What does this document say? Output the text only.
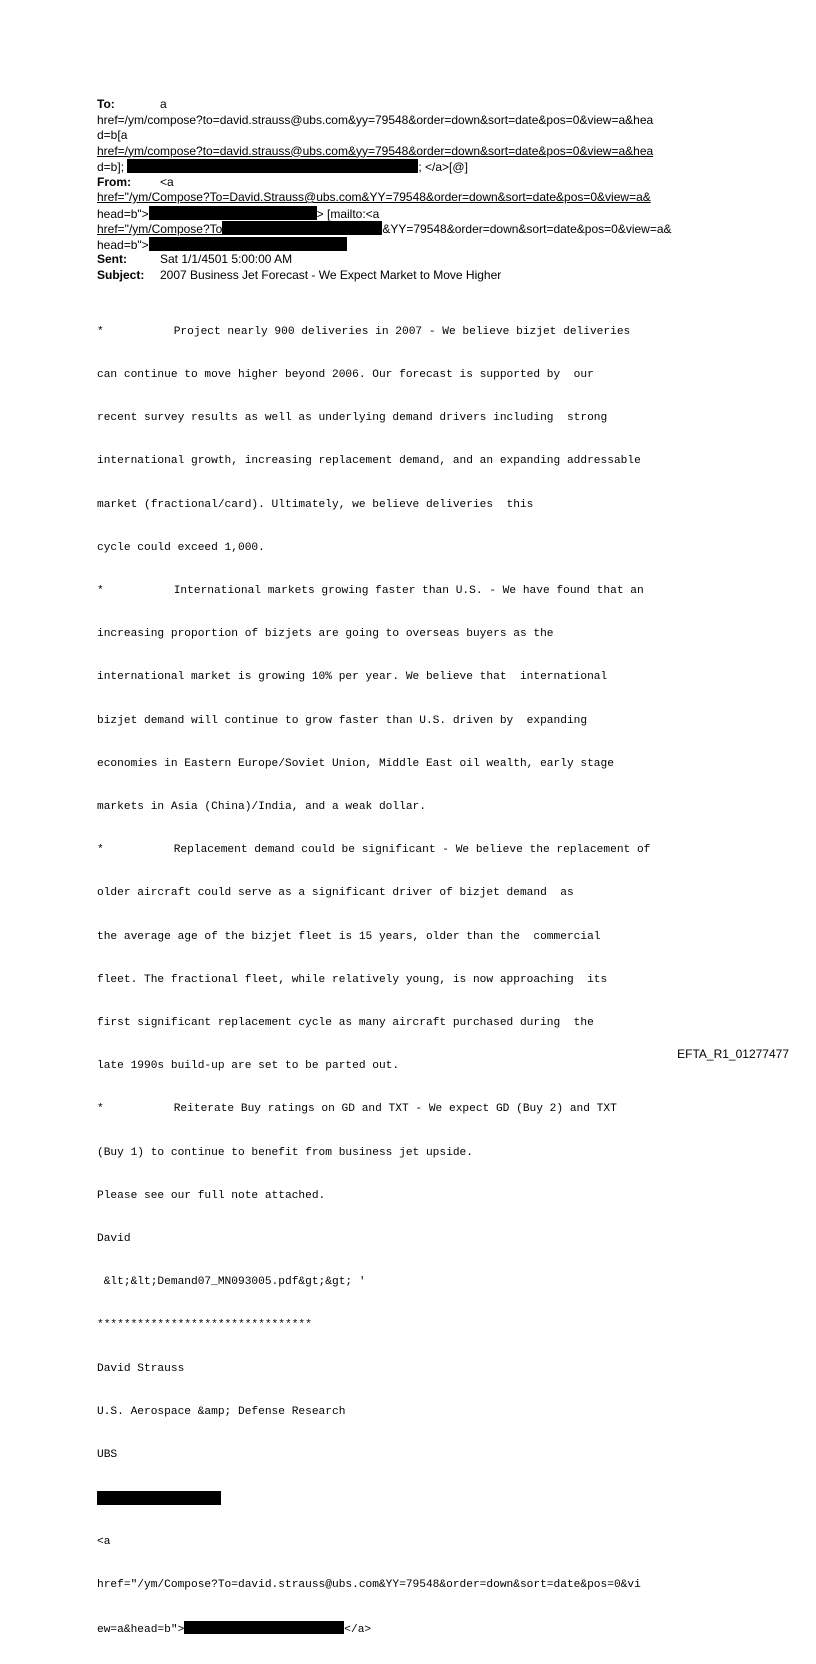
To:	a
href=/ym/compose?to=david.strauss@ubs.com&yy=79548&order=down&sort=date&pos=0&view=a&hea
d=b[a
href=/ym/compose?to=david.strauss@ubs.com&yy=79548&order=down&sort=date&pos=0&view=a&hea
d=b];	; </a>[@]
From: <a
href="/ym/Compose?To=David.Strauss@ubs.com&YY=79548&order=down&sort=date&pos=0&view=a&
head=b">	> [mailto:<a
href="/ym/Compose?To	&YY=79548&order=down&sort=date&pos=0&view=a&
head=b">
Sent:	Sat 1/1/4501 5:00:00 AM
Subject: 2007 Business Jet Forecast - We Expect Market to Move Higher

*	Project nearly 900 deliveries in 2007 - We believe bizjet deliveries

can continue to move higher beyond 2006. Our forecast is supported by  our

recent survey results as well as underlying demand drivers including  strong

international growth, increasing replacement demand, and an expanding addressable

market (fractional/card). Ultimately, we believe deliveries  this

cycle could exceed 1,000.

*	International markets growing faster than U.S. - We have found that an

increasing proportion of bizjets are going to overseas buyers as the

international market is growing 10% per year. We believe that  international

bizjet demand will continue to grow faster than U.S. driven by  expanding

economies in Eastern Europe/Soviet Union, Middle East oil wealth, early stage

markets in Asia (China)/India, and a weak dollar.

*	Replacement demand could be significant - We believe the replacement of

older aircraft could serve as a significant driver of bizjet demand  as

the average age of the bizjet fleet is 15 years, older than the  commercial

fleet. The fractional fleet, while relatively young, is now approaching  its

first significant replacement cycle as many aircraft purchased during  the

late 1990s build-up are set to be parted out.

*	Reiterate Buy ratings on GD and TXT - We expect GD (Buy 2) and TXT

(Buy 1) to continue to benefit from business jet upside.

Please see our full note attached.

David

&lt;&lt;Demand07_MN093005.pdf&gt;&gt; '

********************************

David Strauss

U.S. Aerospace &amp; Defense Research

UBS

<a

href="/ym/Compose?To=david.strauss@ubs.com&YY=79548&order=down&sort=date&pos=0&vi

ew=a&head=b">	</a>

EFTA_R1_01277477
